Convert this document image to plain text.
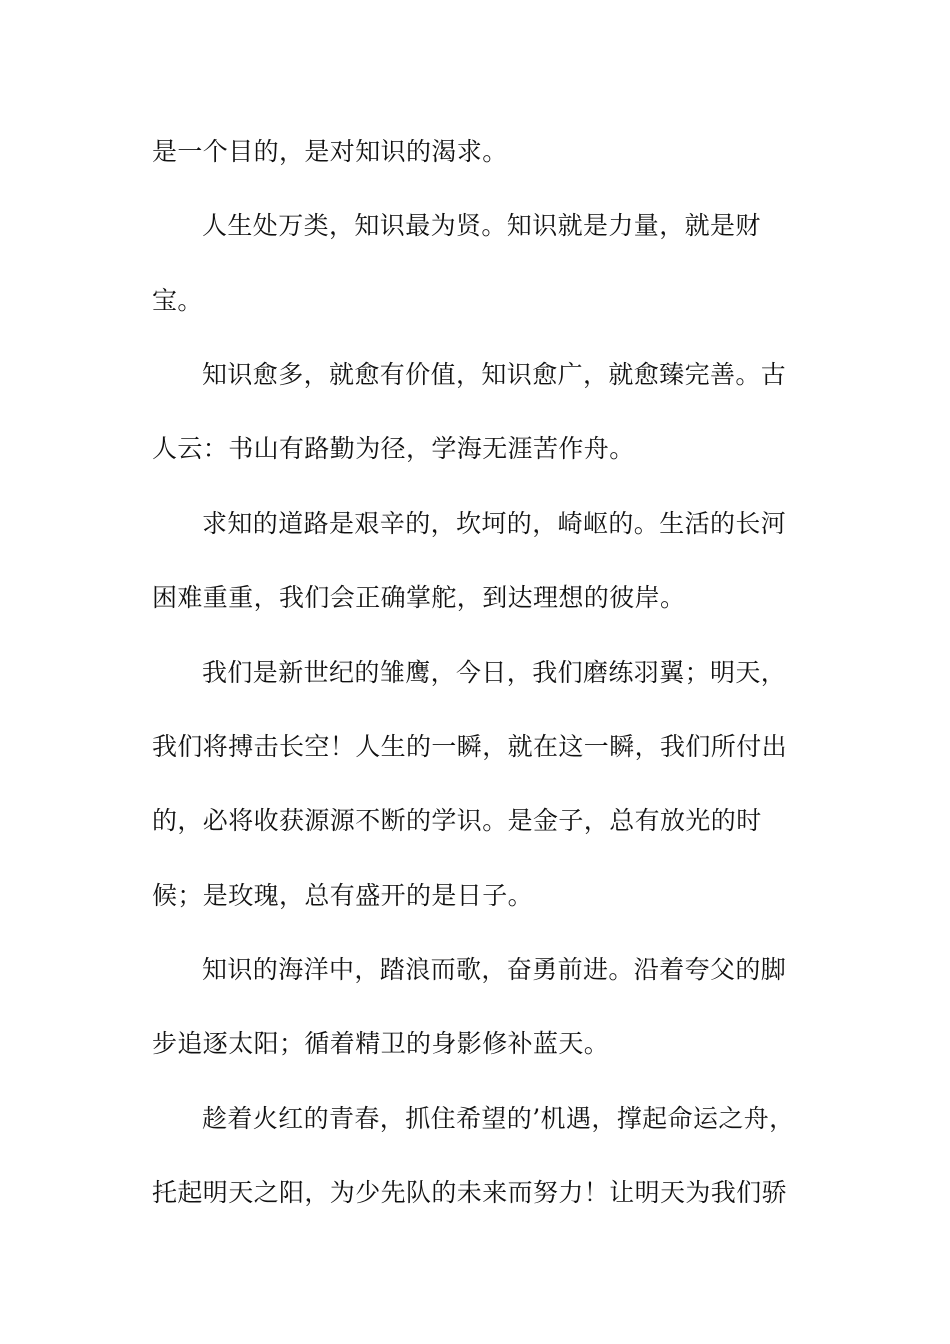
是一个目的，是对知识的渴求。
人生处万类，知识最为贤。知识就是力量，就是财
宝。
知识愈多，就愈有价值，知识愈广，就愈臻完善。古
人云：书山有路勤为径，学海无涯苦作舟。
求知的道路是艰辛的，坎坷的，崎岖的。生活的长河
困难重重，我们会正确掌舵，到达理想的彼岸。
我们是新世纪的雏鹰，今日，我们磨练羽翼；明天，
我们将搏击长空！人生的一瞬，就在这一瞬，我们所付出
的，必将收获源源不断的学识。是金子，总有放光的时
候；是玫瑰，总有盛开的是日子。
知识的海洋中，踏浪而歌，奋勇前进。沿着夸父的脚
步追逐太阳；循着精卫的身影修补蓝天。
趁着火红的青春，抓住希望的’机遇，撑起命运之舟，
托起明天之阳，为少先队的未来而努力！让明天为我们骄
